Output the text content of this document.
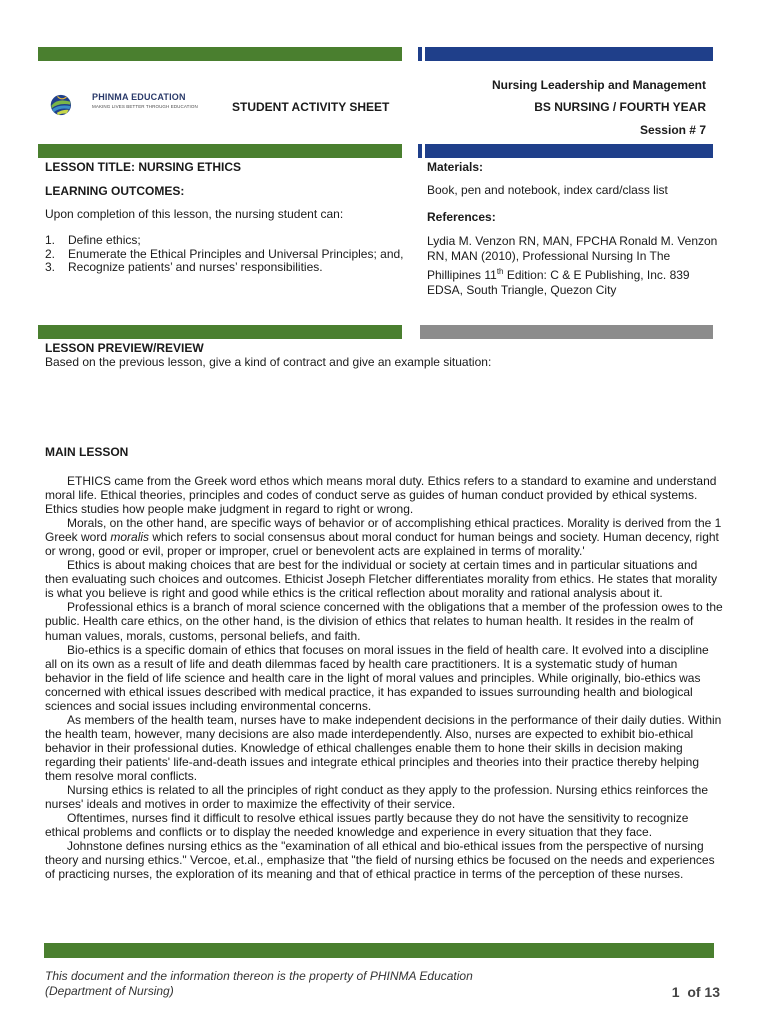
PHINMA EDUCATION
MAKING LIVES BETTER THROUGH EDUCATION	STUDENT ACTIVITY SHEET
Nursing Leadership and Management
BS NURSING / FOURTH YEAR
Session # 7
LESSON TITLE: NURSING ETHICS
LEARNING OUTCOMES:
Upon completion of this lesson, the nursing student can:
1.	Define ethics;
2.	Enumerate the Ethical Principles and Universal Principles; and,
3.	Recognize patients’ and nurses’ responsibilities.
Materials:
Book, pen and notebook, index card/class list
References:
Lydia M. Venzon RN, MAN, FPCHA Ronald M. Venzon RN, MAN (2010), Professional Nursing In The Phillipines 11th Edition: C & E Publishing, Inc. 839 EDSA, South Triangle, Quezon City
LESSON PREVIEW/REVIEW
Based on the previous lesson, give a kind of contract and give an example situation:
MAIN LESSON

ETHICS came from the Greek word ethos which means moral duty. Ethics refers to a standard to examine and understand moral life. Ethical theories, principles and codes of conduct serve as guides of human conduct provided by ethical systems. Ethics studies how people make judgment in regard to right or wrong.

Morals, on the other hand, are specific ways of behavior or of accomplishing ethical practices. Morality is derived from the 1 Greek word moralis which refers to social consensus about moral conduct for human beings and society. Human decency, right or wrong, good or evil, proper or improper, cruel or benevolent acts are explained in terms of morality.'

Ethics is about making choices that are best for the individual or society at certain times and in particular situations and then evaluating such choices and outcomes. Ethicist Joseph Fletcher differentiates morality from ethics. He states that morality is what you believe is right and good while ethics is the critical reflection about morality and rational analysis about it.

Professional ethics is a branch of moral science concerned with the obligations that a member of the profession owes to the public. Health care ethics, on the other hand, is the division of ethics that relates to human health. It resides in the realm of human values, morals, customs, personal beliefs, and faith.

Bio-ethics is a specific domain of ethics that focuses on moral issues in the field of health care. It evolved into a discipline all on its own as a result of life and death dilemmas faced by health care practitioners. It is a systematic study of human behavior in the field of life science and health care in the light of moral values and principles. While originally, bio-ethics was concerned with ethical issues described with medical practice, it has expanded to issues surrounding health and biological sciences and social issues including environmental concerns.

As members of the health team, nurses have to make independent decisions in the performance of their daily duties. Within the health team, however, many decisions are also made interdependently. Also, nurses are expected to exhibit bio-ethical behavior in their professional duties. Knowledge of ethical challenges enable them to hone their skills in decision making regarding their patients' life-and-death issues and integrate ethical principles and theories into their practice thereby helping them resolve moral conflicts.

Nursing ethics is related to all the principles of right conduct as they apply to the profession. Nursing ethics reinforces the nurses' ideals and motives in order to maximize the effectivity of their service.

Oftentimes, nurses find it difficult to resolve ethical issues partly because they do not have the sensitivity to recognize ethical problems and conflicts or to display the needed knowledge and experience in every situation that they face.

Johnstone defines nursing ethics as the "examination of all ethical and bio-ethical issues from the perspective of nursing theory and nursing ethics." Vercoe, et.al., emphasize that "the field of nursing ethics be focused on the needs and experiences of practicing nurses, the exploration of its meaning and that of ethical practice in terms of the perception of these nurses.

This document and the information thereon is the property of PHINMA Education (Department of Nursing)	1 of 13
